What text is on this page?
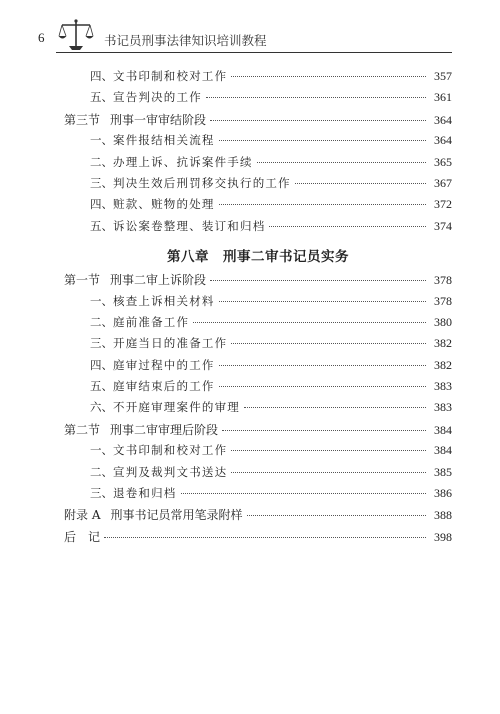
6	书记员刑事法律知识培训教程
四、 文书印制和校对工作	357
五、 宣告判决的工作	361
第三节 刑事一审审结阶段	364
一、 案件报结相关流程	364
二、 办理上诉、抗诉案件手续	365
三、 判决生效后刑罚移交执行的工作	367
四、 赃款、赃物的处理	372
五、 诉讼案卷整理、装订和归档	374
第八章 刑事二审书记员实务
第一节 刑事二审上诉阶段	378
一、 核查上诉相关材料	378
二、 庭前准备工作	380
三、 开庭当日的准备工作	382
四、 庭审过程中的工作	382
五、 庭审结束后的工作	383
六、 不开庭审理案件的审理	383
第二节 刑事二审审理后阶段	384
一、 文书印制和校对工作	384
二、 宣判及裁判文书送达	385
三、 退卷和归档	386
附录 A 刑事书记员常用笔录附样	388
后　记	398
